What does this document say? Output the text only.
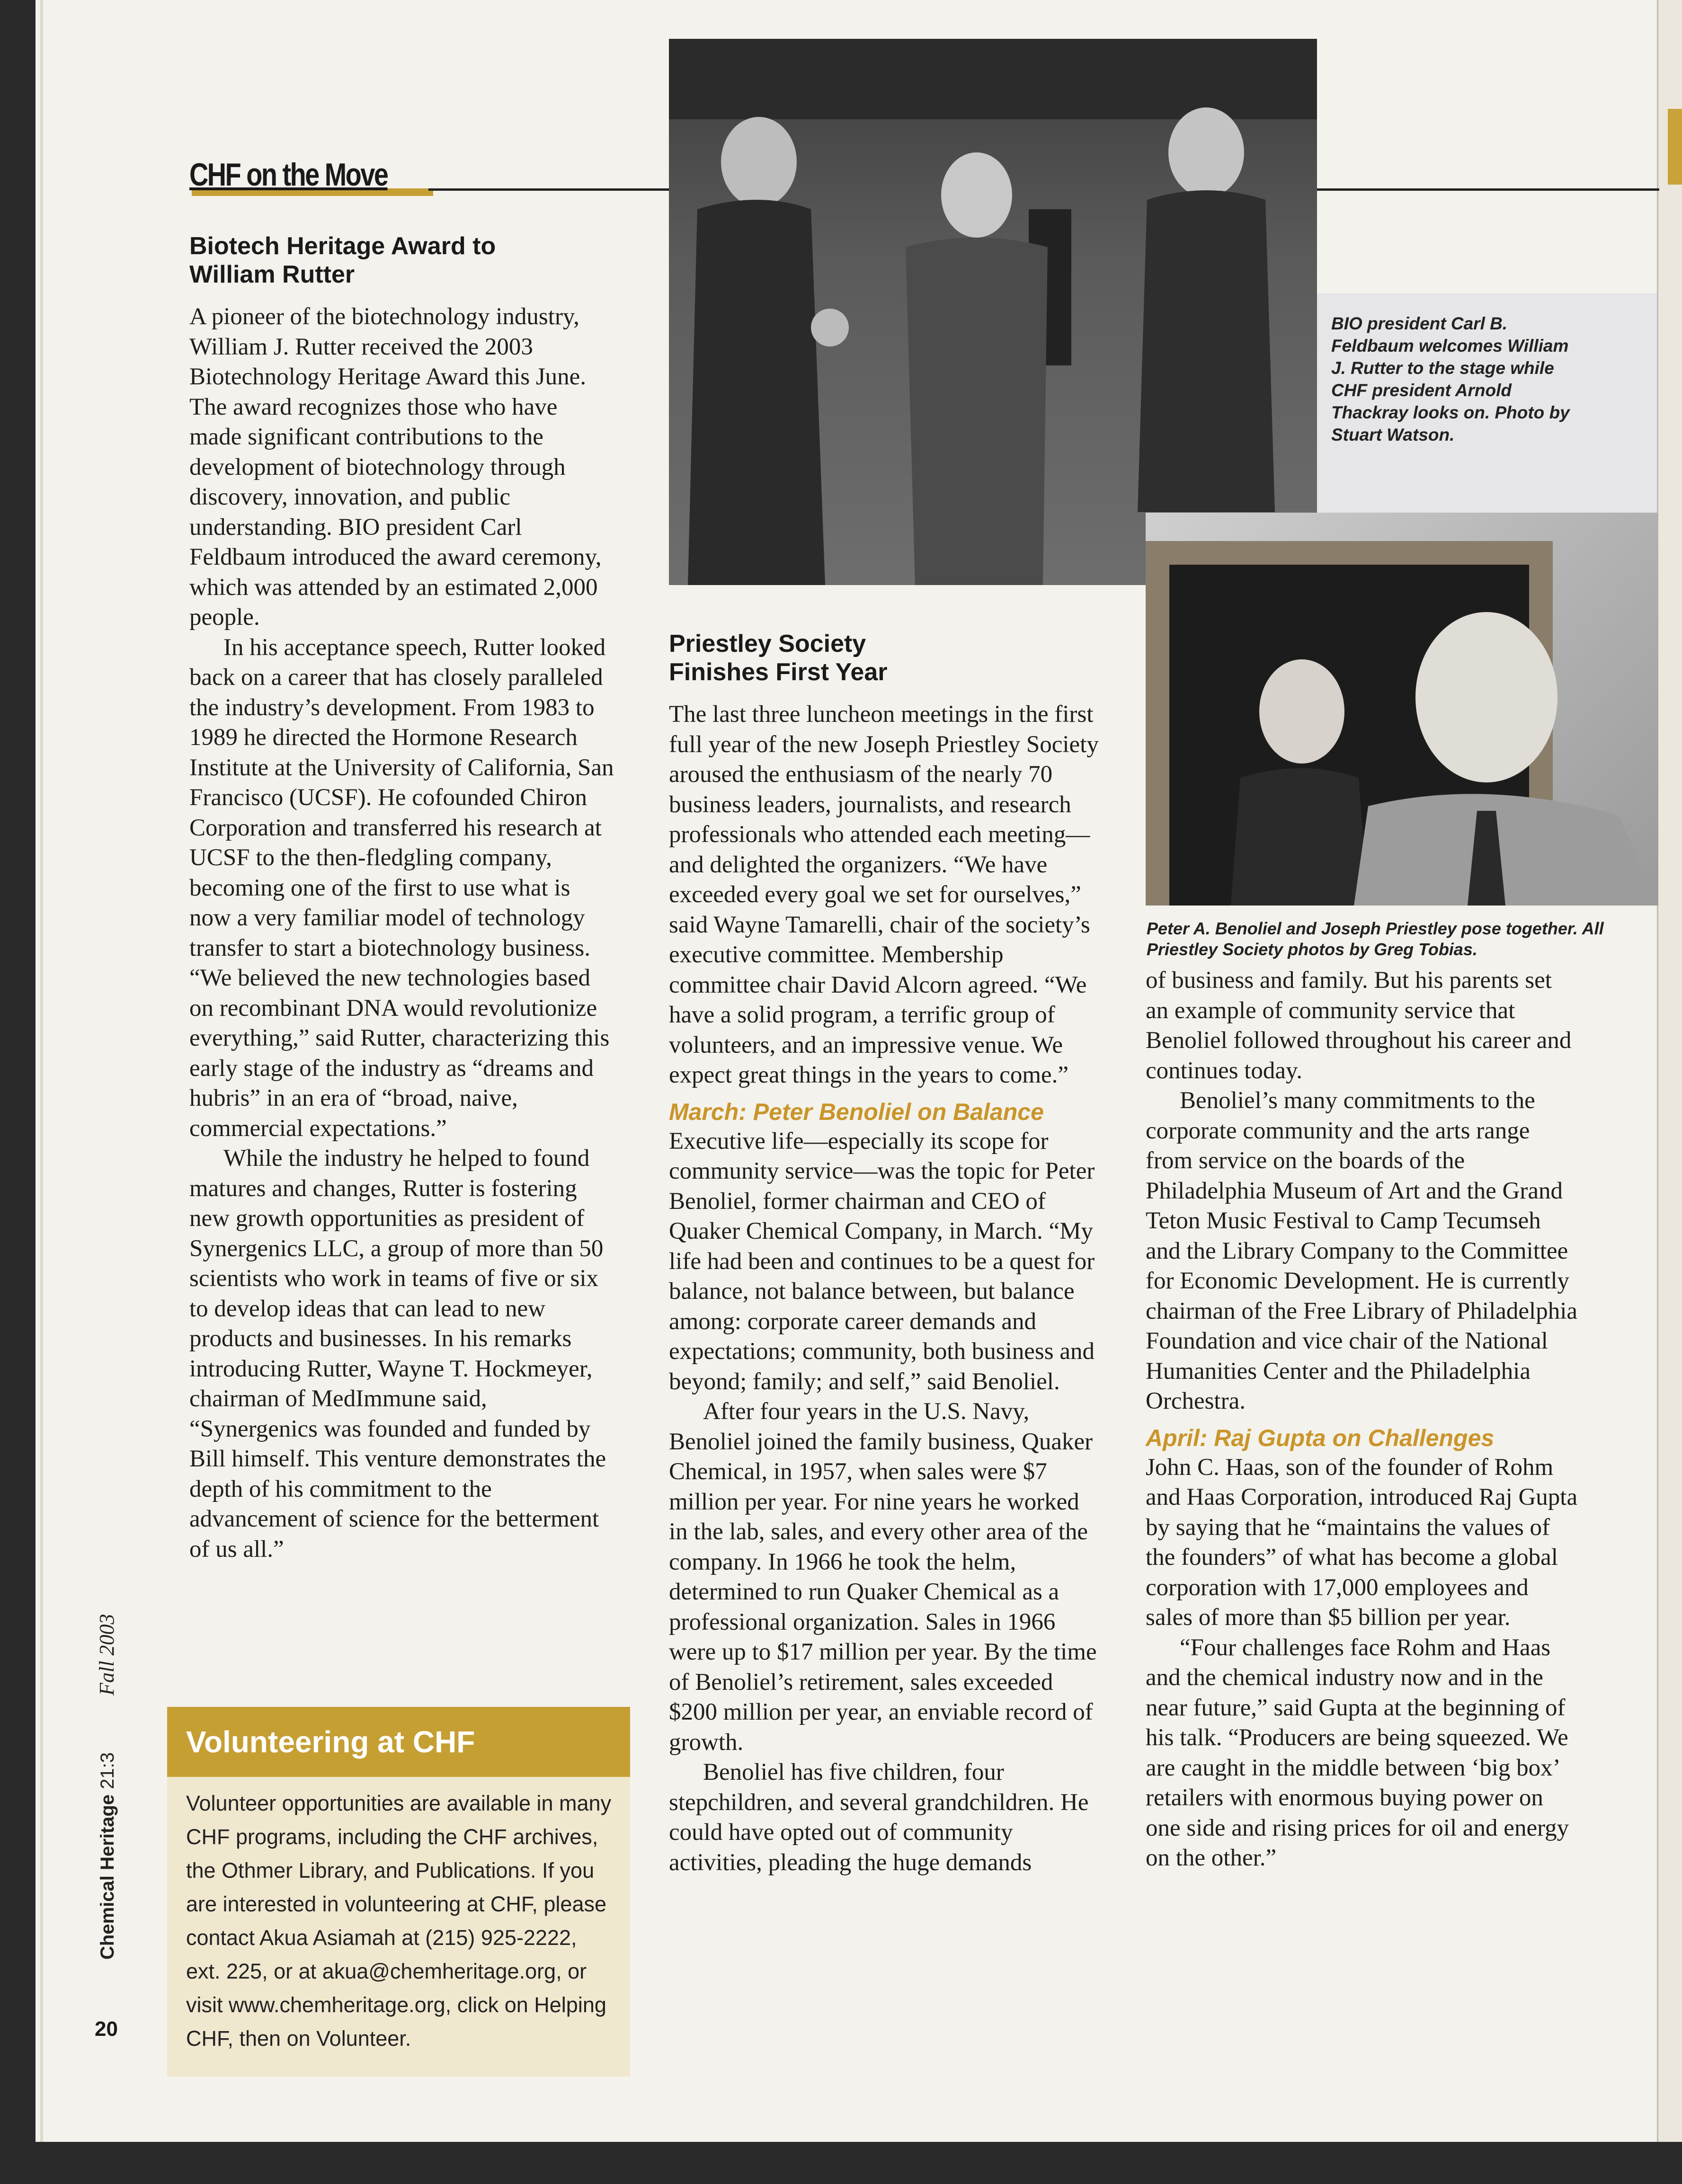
CHF on the Move
Biotech Heritage Award to William Rutter

A pioneer of the biotechnology industry, William J. Rutter received the 2003 Biotechnology Heritage Award this June. The award recognizes those who have made significant contributions to the development of biotechnology through discovery, innovation, and public understanding. BIO president Carl Feldbaum introduced the award ceremony, which was attended by an estimated 2,000 people.

In his acceptance speech, Rutter looked back on a career that has closely paralleled the industry’s development. From 1983 to 1989 he directed the Hormone Research Institute at the University of California, San Francisco (UCSF). He cofounded Chiron Corporation and transferred his research at UCSF to the then-fledgling company, becoming one of the first to use what is now a very familiar model of technology transfer to start a biotechnology business. “We believed the new technologies based on recombinant DNA would revolutionize everything,” said Rutter, characterizing this early stage of the industry as “dreams and hubris” in an era of “broad, naive, commercial expectations.”

While the industry he helped to found matures and changes, Rutter is fostering new growth opportunities as president of Synergenics LLC, a group of more than 50 scientists who work in teams of five or six to develop ideas that can lead to new products and businesses. In his remarks introducing Rutter, Wayne T. Hockmeyer, chairman of MedImmune said, “Synergenics was founded and funded by Bill himself. This venture demonstrates the depth of his commitment to the advancement of science for the betterment of us all.”

Volunteering at CHF
Volunteer opportunities are available in many CHF programs, including the CHF archives, the Othmer Library, and Publications. If you are interested in volunteering at CHF, please contact Akua Asiamah at (215) 925-2222, ext. 225, or at akua@chemheritage.org, or visit www.chemheritage.org, click on Helping CHF, then on Volunteer.
BIO president Carl B. Feldbaum welcomes William J. Rutter to the stage while CHF president Arnold Thackray looks on. Photo by Stuart Watson.
Peter A. Benoliel and Joseph Priestley pose together. All Priestley Society photos by Greg Tobias.
Priestley Society Finishes First Year

The last three luncheon meetings in the first full year of the new Joseph Priestley Society aroused the enthusiasm of the nearly 70 business leaders, journalists, and research professionals who attended each meeting—and delighted the organizers. “We have exceeded every goal we set for ourselves,” said Wayne Tamarelli, chair of the society’s executive committee. Membership committee chair David Alcorn agreed. “We have a solid program, a terrific group of volunteers, and an impressive venue. We expect great things in the years to come.”

March: Peter Benoliel on Balance

Executive life—especially its scope for community service—was the topic for Peter Benoliel, former chairman and CEO of Quaker Chemical Company, in March. “My life had been and continues to be a quest for balance, not balance between, but balance among: corporate career demands and expectations; community, both business and beyond; family; and self,” said Benoliel.

After four years in the U.S. Navy, Benoliel joined the family business, Quaker Chemical, in 1957, when sales were $7 million per year. For nine years he worked in the lab, sales, and every other area of the company. In 1966 he took the helm, determined to run Quaker Chemical as a professional organization. Sales in 1966 were up to $17 million per year. By the time of Benoliel’s retirement, sales exceeded $200 million per year, an enviable record of growth.

Benoliel has five children, four stepchildren, and several grandchildren. He could have opted out of community activities, pleading the huge demands

of business and family. But his parents set an example of community service that Benoliel followed throughout his career and continues today.

Benoliel’s many commitments to the corporate community and the arts range from service on the boards of the Philadelphia Museum of Art and the Grand Teton Music Festival to Camp Tecumseh and the Library Company to the Committee for Economic Development. He is currently chairman of the Free Library of Philadelphia Foundation and vice chair of the National Humanities Center and the Philadelphia Orchestra.

April: Raj Gupta on Challenges

John C. Haas, son of the founder of Rohm and Haas Corporation, introduced Raj Gupta by saying that he “maintains the values of the founders” of what has become a global corporation with 17,000 employees and sales of more than $5 billion per year.

“Four challenges face Rohm and Haas and the chemical industry now and in the near future,” said Gupta at the beginning of his talk. “Producers are being squeezed. We are caught in the middle between ‘big box’ retailers with enormous buying power on one side and rising prices for oil and energy on the other.”

Chemical Heritage 21:3Fall 2003
20
